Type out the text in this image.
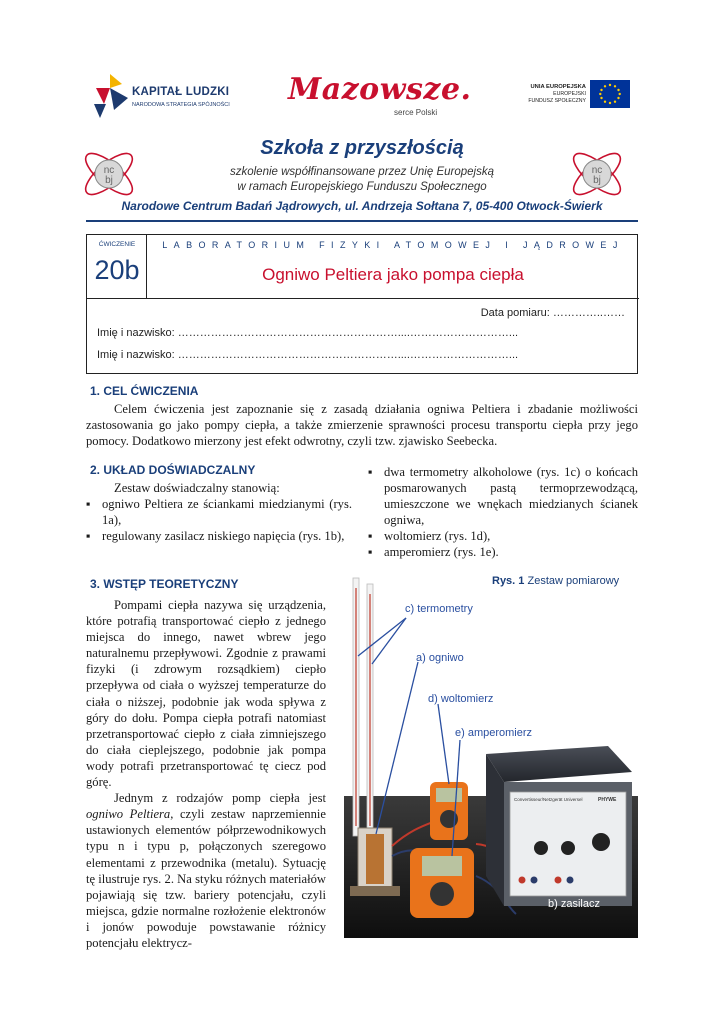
KAPITAŁ LUDZKI
NARODOWA STRATEGIA SPÓJNOŚCI Mazowsze.
serce Polski
UNIA EUROPEJSKA
EUROPEJSKI
FUNDUSZ SPOŁECZNY
nc
bj
nc
bj
Szkoła z przyszłością
szkolenie współfinansowane przez Unię Europejską
w ramach Europejskiego Funduszu Społecznego
Narodowe Centrum Badań Jądrowych, ul. Andrzeja Sołtana 7, 05-400 Otwock-Świerk
ĆWICZENIE
20b
LABORATORIUM FIZYKI ATOMOWEJ I JĄDROWEJ
Ogniwo Peltiera jako pompa ciepła
Data pomiaru: …………..……
Imię i nazwisko: ……………………………………………………....………………………...
Imię i nazwisko: ……………………………………………………....………………………...
1. CEL ĆWICZENIA
Celem ćwiczenia jest zapoznanie się z zasadą działania ogniwa Peltiera i zbadanie możliwości zastosowania go jako pompy ciepła, a także zmierzenie sprawności procesu transportu ciepła przy jego pomocy. Dodatkowo mierzony jest efekt odwrotny, czyli tzw. zjawisko Seebecka.
2. UKŁAD DOŚWIADCZALNY
Zestaw doświadczalny stanowią:
▪ ogniwo Peltiera ze ściankami miedzianymi (rys. 1a),
▪ regulowany zasilacz niskiego napięcia (rys. 1b),
▪ dwa termometry alkoholowe (rys. 1c) o końcach posmarowanych pastą termoprzewodzącą, umieszczone we wnękach miedzianych ścianek ogniwa,
▪ woltomierz (rys. 1d),
▪ amperomierz (rys. 1e).
3. WSTĘP TEORETYCZNY

Pompami ciepła nazywa się urządzenia, które potrafią transportować ciepło z jednego miejsca do innego, nawet wbrew jego naturalnemu przepływowi. Zgodnie z prawami fizyki (i zdrowym rozsądkiem) ciepło przepływa od ciała o wyższej temperaturze do ciała o niższej, podobnie jak woda spływa z góry do dołu. Pompa ciepła potrafi natomiast przetransportować ciepło z ciała zimniejszego do ciała cieplejszego, podobnie jak pompa wody potrafi przetransportować tę ciecz pod górę.

Jednym z rodzajów pomp ciepła jest ogniwo Peltiera, czyli zestaw naprzemiennie ustawionych elementów półprzewodnikowych typu n i typu p, połączonych szeregowo elementami z przewodnika (metalu). Sytuację tę ilustruje rys. 2. Na styku różnych materiałów pojawiają się tzw. bariery potencjału, czyli miejsca, gdzie normalne rozłożenie elektronów i jonów powoduje powstawanie różnicy potencjału elektrycz-

Rys. 1 Zestaw pomiarowy
Convertisseur/Netzgerät Universel	PHYWE
c) termometry
a) ogniwo
d) woltomierz
e) amperomierz
b) zasilacz
